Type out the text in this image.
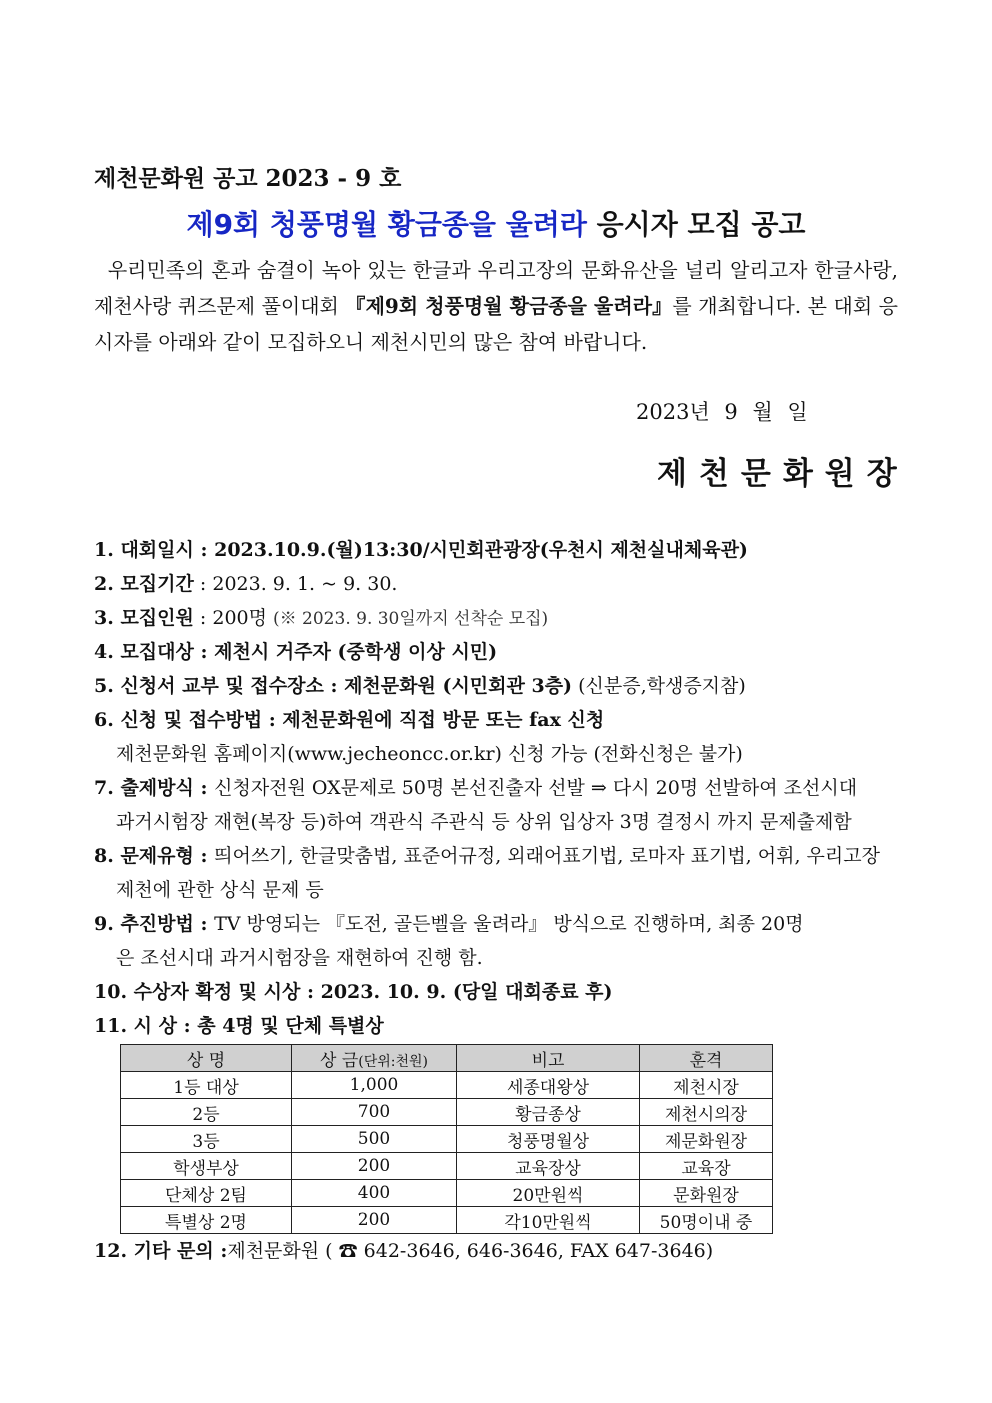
제천문화원 공고 2023 - 9 호
제9회 청풍명월 황금종을 울려라 응시자 모집 공고
우리민족의 혼과 숨결이 녹아 있는 한글과 우리고장의 문화유산을 널리 알리고자 한글사랑, 제천사랑 퀴즈문제 풀이대회 『제9회 청풍명월 황금종을 울려라』를 개최합니다. 본 대회 응시자를 아래와 같이 모집하오니 제천시민의 많은 참여 바랍니다.
2023년 9 월 일
제천문화원장
1. 대회일시 : 2023.10.9.(월)13:30/시민회관광장(우천시 제천실내체육관)
2. 모집기간 : 2023. 9. 1. ~ 9. 30.
3. 모집인원 : 200명 (※ 2023. 9. 30일까지 선착순 모집)
4. 모집대상 : 제천시 거주자 (중학생 이상 시민)
5. 신청서 교부 및 접수장소 : 제천문화원 (시민회관 3층) (신분증,학생증지참)
6. 신청 및 접수방법 : 제천문화원에 직접 방문 또는 fax 신청
제천문화원 홈페이지(www.jecheoncc.or.kr) 신청 가능 (전화신청은 불가)
7. 출제방식 : 신청자전원 OX문제로 50명 본선진출자 선발 ⇒ 다시 20명 선발하여 조선시대
과거시험장 재현(복장 등)하여 객관식 주관식 등 상위 입상자 3명 결정시 까지 문제출제함
8. 문제유형 : 띄어쓰기, 한글맞춤법, 표준어규정, 외래어표기법, 로마자 표기법, 어휘, 우리고장
제천에 관한 상식 문제 등
9. 추진방법 : TV 방영되는 『도전, 골든벨을 울려라』 방식으로 진행하며, 최종 20명
은 조선시대 과거시험장을 재현하여 진행 함.
10. 수상자 확정 및 시상 : 2023. 10. 9. (당일 대회종료 후)
11. 시 상 : 총 4명 및 단체 특별상
상 명	상 금(단위:천원)	비고	훈격
1등 대상	1,000	세종대왕상	제천시장
2등	700	황금종상	제천시의장
3등	500	청풍명월상	제문화원장
학생부상	200	교육장상	교육장
단체상 2팀	400	20만원씩	문화원장
특별상 2명	200	각10만원씩	50명이내 중
12. 기타 문의 :제천문화원 ( ☎ 642-3646, 646-3646, FAX 647-3646)
